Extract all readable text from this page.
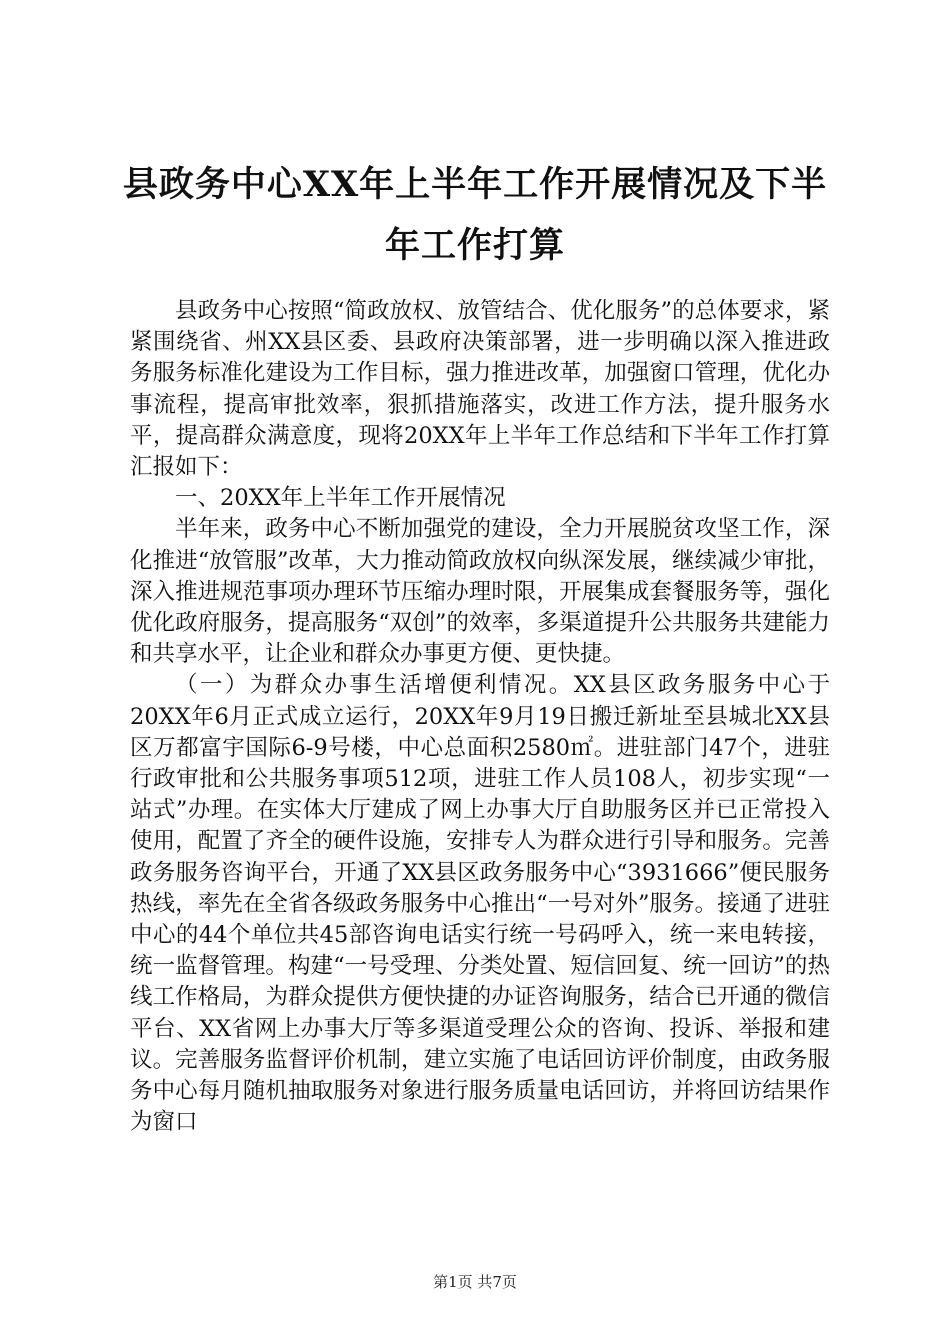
县政务中心XX年上半年工作开展情况及下半
年工作打算

县政务中心按照“简政放权、放管结合、优化服务”的总体要求，紧紧围绕省、州XX县区委、县政府决策部署，进一步明确以深入推进政务服务标准化建设为工作目标，强力推进改革，加强窗口管理，优化办事流程，提高审批效率，狠抓措施落实，改进工作方法，提升服务水平，提高群众满意度，现将20XX年上半年工作总结和下半年工作打算汇报如下：

一、20XX年上半年工作开展情况

半年来，政务中心不断加强党的建设，全力开展脱贫攻坚工作，深化推进“放管服”改革，大力推动简政放权向纵深发展，继续减少审批，深入推进规范事项办理环节压缩办理时限，开展集成套餐服务等，强化优化政府服务，提高服务“双创”的效率，多渠道提升公共服务共建能力和共享水平，让企业和群众办事更方便、更快捷。

（一）为群众办事生活增便利情况。XX县区政务服务中心于20XX年6月正式成立运行，20XX年9月19日搬迁新址至县城北XX县区万都富宇国际6-9号楼，中心总面积2580㎡。进驻部门47个，进驻行政审批和公共服务事项512项，进驻工作人员108人，初步实现“一站式”办理。在实体大厅建成了网上办事大厅自助服务区并已正常投入使用，配置了齐全的硬件设施，安排专人为群众进行引导和服务。完善政务服务咨询平台，开通了XX县区政务服务中心“3931666”便民服务热线，率先在全省各级政务服务中心推出“一号对外”服务。接通了进驻中心的44个单位共45部咨询电话实行统一号码呼入，统一来电转接，统一监督管理。构建“一号受理、分类处置、短信回复、统一回访”的热线工作格局，为群众提供方便快捷的办证咨询服务，结合已开通的微信平台、XX省网上办事大厅等多渠道受理公众的咨询、投诉、举报和建议。完善服务监督评价机制，建立实施了电话回访评价制度，由政务服务中心每月随机抽取服务对象进行服务质量电话回访，并将回访结果作为窗口

第1页 共7页
